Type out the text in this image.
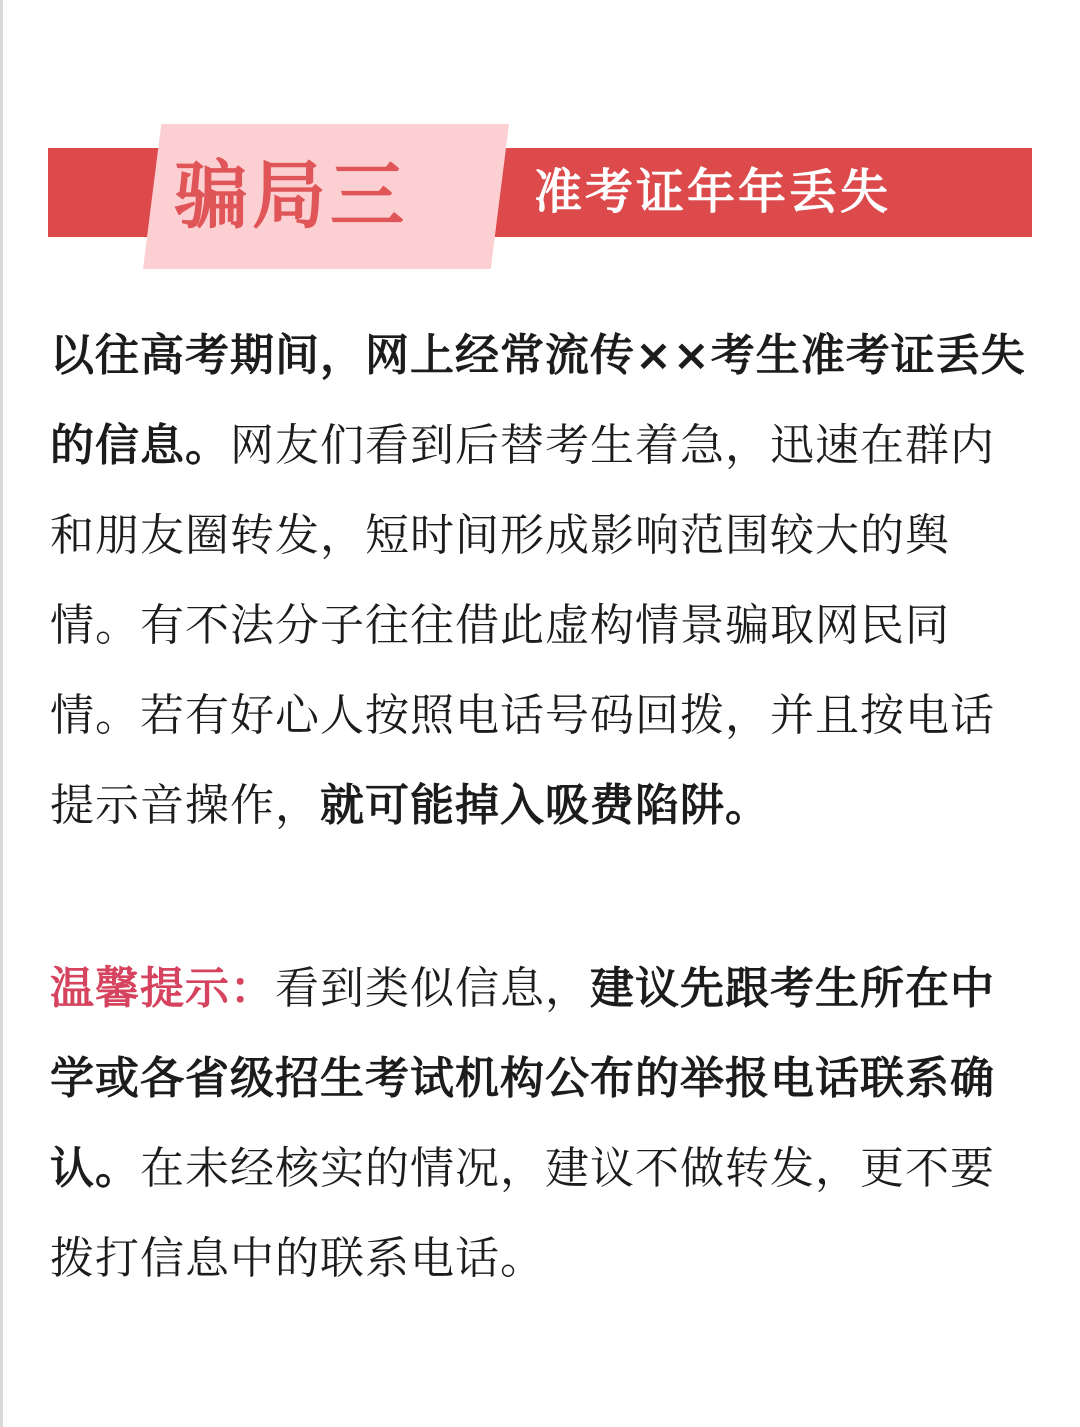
骗局三	准考证年年丢失

以往高考期间，网上经常流传××考生准考证丢失的信息。网友们看到后替考生着急，迅速在群内和朋友圈转发，短时间形成影响范围较大的舆情。有不法分子往往借此虚构情景骗取网民同情。若有好心人按照电话号码回拨，并且按电话提示音操作，就可能掉入吸费陷阱。

温馨提示：看到类似信息，建议先跟考生所在中学或各省级招生考试机构公布的举报电话联系确认。在未经核实的情况，建议不做转发，更不要拨打信息中的联系电话。
